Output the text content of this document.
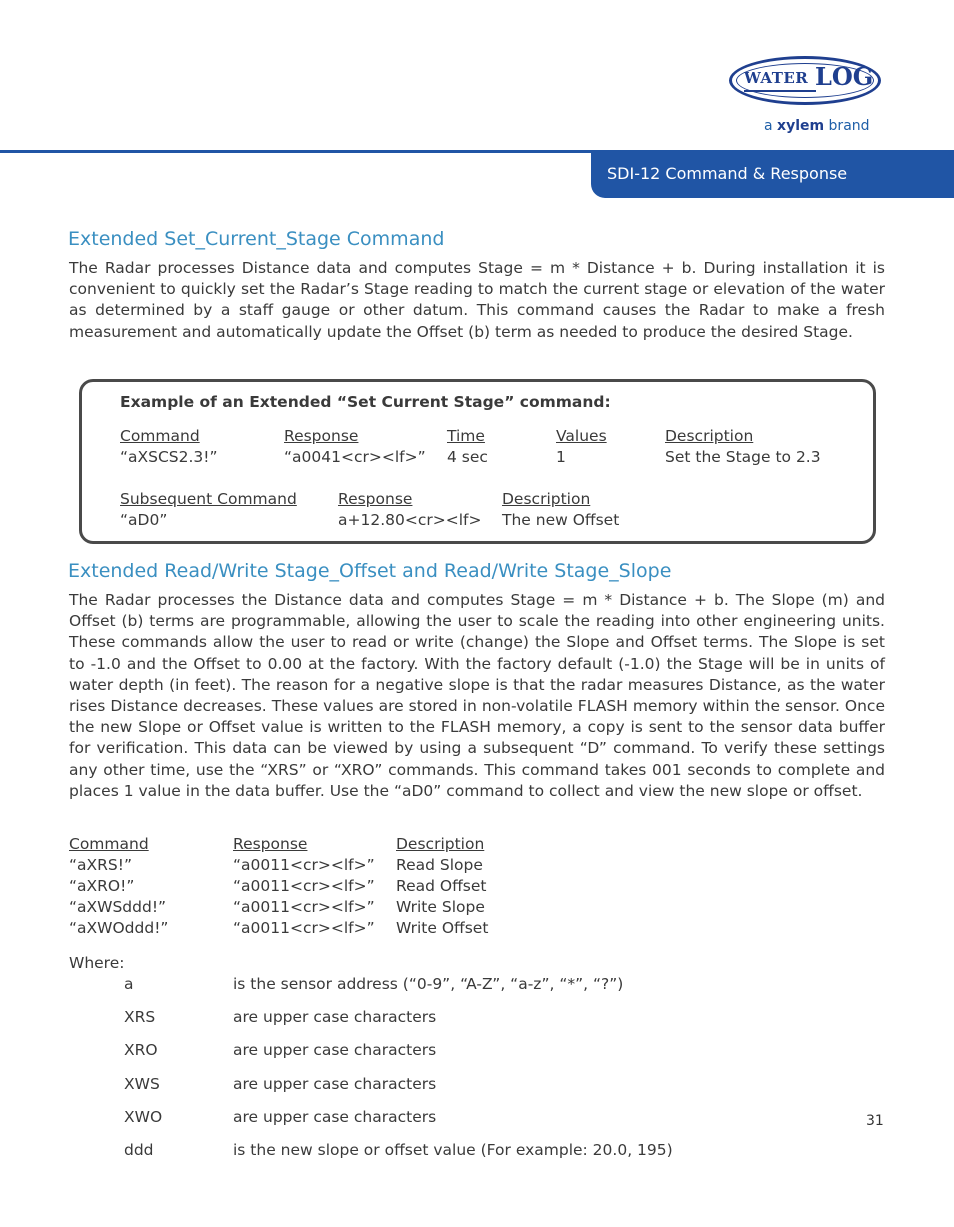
WATER LOG
a xylem brand
SDI-12 Command & Response
Extended Set_Current_Stage Command
The Radar processes Distance data and computes Stage = m * Distance + b. During installation it is convenient to quickly set the Radar’s Stage reading to match the current stage or elevation of the water as determined by a staff gauge or other datum. This command causes the Radar to make a fresh measurement and automatically update the Offset (b) term as needed to produce the desired Stage.
Example of an Extended “Set Current Stage” command:
Command	Response	Time	Values	Description
“aXSCS2.3!”	“a0041<cr><lf>” 4 sec	1	Set the Stage to 2.3
Subsequent Command	Response	Description
“aD0”	a+12.80<cr><lf> The new Offset
Extended Read/Write Stage_Offset and Read/Write Stage_Slope
The Radar processes the Distance data and computes Stage = m * Distance + b. The Slope (m) and Offset (b) terms are programmable, allowing the user to scale the reading into other engineering units. These commands allow the user to read or write (change) the Slope and Offset terms. The Slope is set to -1.0 and the Offset to 0.00 at the factory. With the factory default (-1.0) the Stage will be in units of water depth (in feet). The reason for a negative slope is that the radar measures Distance, as the water rises Distance decreases. These values are stored in non-volatile FLASH memory within the sensor. Once the new Slope or Offset value is written to the FLASH memory, a copy is sent to the sensor data buffer for verification. This data can be viewed by using a subsequent “D” command. To verify these settings any other time, use the “XRS” or “XRO” commands. This command takes 001 seconds to complete and places 1 value in the data buffer. Use the “aD0” command to collect and view the new slope or offset.
Command	Response	Description
“aXRS!”	“a0011<cr><lf>” Read Slope
“aXRO!”	“a0011<cr><lf>” Read Offset
“aXWSddd!”	“a0011<cr><lf>” Write Slope
“aXWOddd!”	“a0011<cr><lf>” Write Offset
Where:
a	is the sensor address (“0-9”, “A-Z”, “a-z”, “*”, “?”)
XRS	are upper case characters
XRO	are upper case characters
XWS	are upper case characters
XWO	are upper case characters
ddd	is the new slope or offset value (For example: 20.0, 195)
31
